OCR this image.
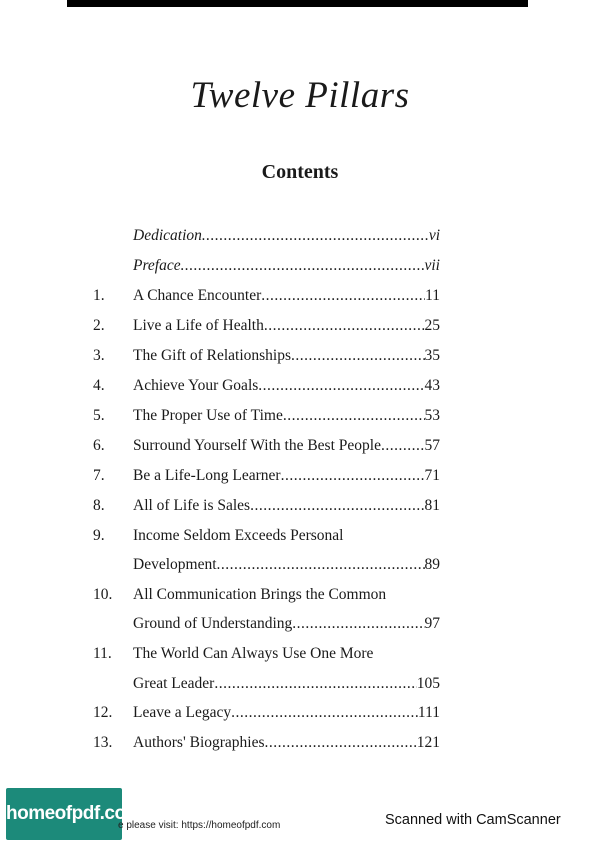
Twelve Pillars
Contents
Dedication .....	vi
Preface .....	vii
1. A Chance Encounter .....	11
2. Live a Life of Health .....	25
3. The Gift of Relationships .....	35
4. Achieve Your Goals .....	43
5. The Proper Use of Time .....	53
6. Surround Yourself With the Best People .....	57
7. Be a Life-Long Learner .....	71
8. All of Life is Sales .....	81
9. Income Seldom Exceeds Personal
Development .....	89
10. All Communication Brings the Common
Ground of Understanding .....	97
11. The World Can Always Use One More
Great Leader .....	105
12. Leave a Legacy .....	111
13. Authors' Biographies .....	121
homeofpdf.com
e please visit: https://homeofpdf.com	Scanned with CamScanner
